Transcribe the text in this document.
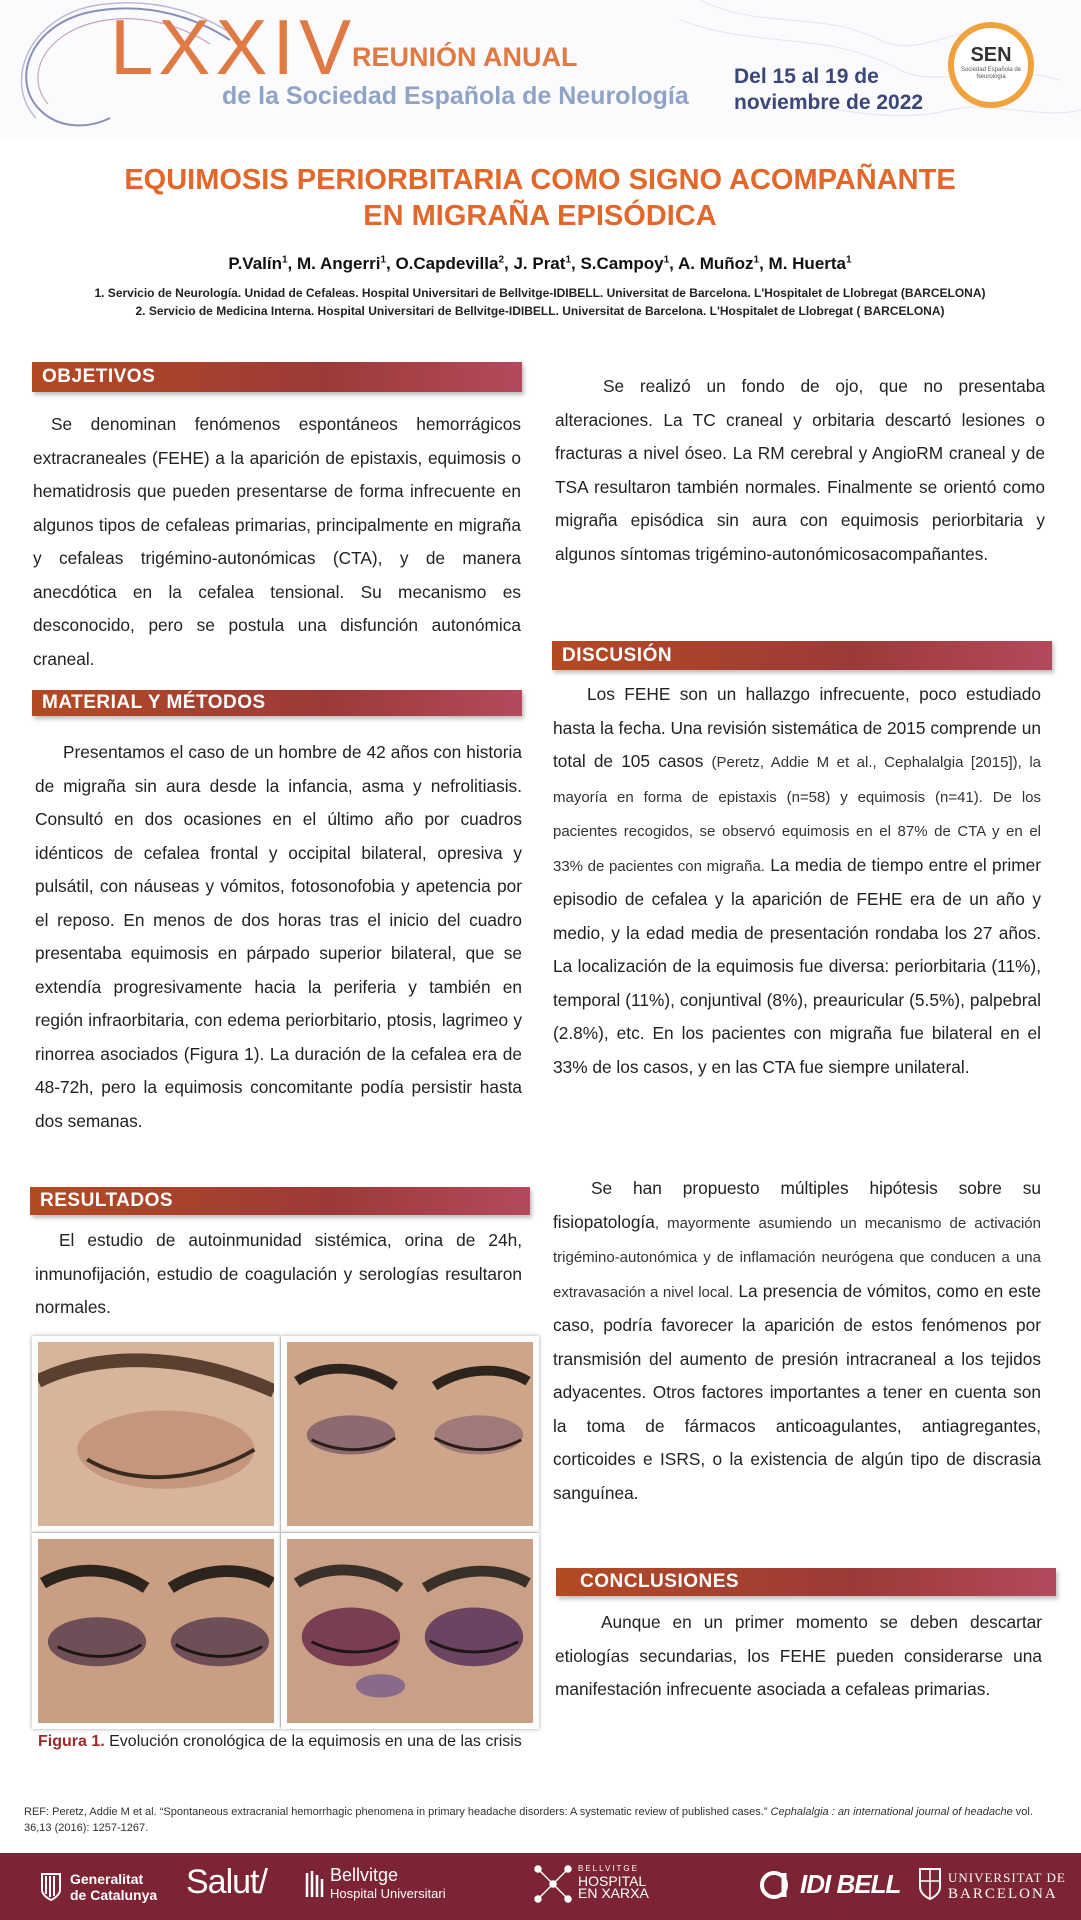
LXXIV
REUNIÓN ANUAL
de la Sociedad Española de Neurología
Del 15 al 19 de
noviembre de 2022
SEN
Sociedad Española de Neurología
EQUIMOSIS PERIORBITARIA COMO SIGNO ACOMPAÑANTE
EN MIGRAÑA EPISÓDICA
P.Valín$^1$, M. Angerri$^1$, O.Capdevilla$^2$, J. Prat$^1$, S.Campoy$^1$, A. Muñoz$^1$, M. Huerta$^1$
1. Servicio de Neurología. Unidad de Cefaleas. Hospital Universitari de Bellvitge-IDIBELL. Universitat de Barcelona. L'Hospitalet de Llobregat (BARCELONA)
2. Servicio de Medicina Interna. Hospital Universitari de Bellvitge-IDIBELL. Universitat de Barcelona. L'Hospitalet de Llobregat ( BARCELONA)
OBJETIVOS
Se denominan fenómenos espontáneos hemorrágicos extracraneales (FEHE) a la aparición de epistaxis, equimosis o hematidrosis que pueden presentarse de forma infrecuente en algunos tipos de cefaleas primarias, principalmente en migraña y cefaleas trigémino-autonómicas (CTA), y de manera anecdótica en la cefalea tensional. Su mecanismo es desconocido, pero se postula una disfunción autonómica craneal.
MATERIAL Y MÉTODOS
Presentamos el caso de un hombre de 42 años con historia de migraña sin aura desde la infancia, asma y nefrolitiasis. Consultó en dos ocasiones en el último año por cuadros idénticos de cefalea frontal y occipital bilateral, opresiva y pulsátil, con náuseas y vómitos, fotosonofobia y apetencia por el reposo. En menos de dos horas tras el inicio del cuadro presentaba equimosis en párpado superior bilateral, que se extendía progresivamente hacia la periferia y también en región infraorbitaria, con edema periorbitario, ptosis, lagrimeo y rinorrea asociados (Figura 1). La duración de la cefalea era de 48-72h, pero la equimosis concomitante podía persistir hasta dos semanas.
RESULTADOS
El estudio de autoinmunidad sistémica, orina de 24h, inmunofijación, estudio de coagulación y serologías resultaron normales.
Figura 1. Evolución cronológica de la equimosis en una de las crisis
Se realizó un fondo de ojo, que no presentaba alteraciones. La TC craneal y orbitaria descartó lesiones o fracturas a nivel óseo. La RM cerebral y AngioRM craneal y de TSA resultaron también normales. Finalmente se orientó como migraña episódica sin aura con equimosis periorbitaria y algunos síntomas trigémino-autonómicosacompañantes.
DISCUSIÓN
Los FEHE son un hallazgo infrecuente, poco estudiado hasta la fecha. Una revisión sistemática de 2015 comprende un total de 105 casos (Peretz, Addie M et al., Cephalalgia [2015]), la mayoría en forma de epistaxis (n=58) y equimosis (n=41). De los pacientes recogidos, se observó equimosis en el 87% de CTA y en el 33% de pacientes con migraña. La media de tiempo entre el primer episodio de cefalea y la aparición de FEHE era de un año y medio, y la edad media de presentación rondaba los 27 años. La localización de la equimosis fue diversa: periorbitaria (11%), temporal (11%), conjuntival (8%), preauricular (5.5%), palpebral (2.8%), etc. En los pacientes con migraña fue bilateral en el 33% de los casos, y en las CTA fue siempre unilateral.
Se han propuesto múltiples hipótesis sobre su fisiopatología, mayormente asumiendo un mecanismo de activación trigémino-autonómica y de inflamación neurógena que conducen a una extravasación a nivel local. La presencia de vómitos, como en este caso, podría favorecer la aparición de estos fenómenos por transmisión del aumento de presión intracraneal a los tejidos adyacentes. Otros factores importantes a tener en cuenta son la toma de fármacos anticoagulantes, antiagregantes, corticoides e ISRS, o la existencia de algún tipo de discrasia sanguínea.
CONCLUSIONES
Aunque en un primer momento se deben descartar etiologías secundarias, los FEHE pueden considerarse una manifestación infrecuente asociada a cefaleas primarias.
REF: Peretz, Addie M et al. “Spontaneous extracranial hemorrhagic phenomena in primary headache disorders: A systematic review of published cases.” Cephalalgia : an international journal of headache vol. 36,13 (2016): 1257-1267.
Generalitat
de Catalunya Salut/	Bellvitge
Hospital Universitari
BELLVITGE
HOSPITAL
EN XARXA	IDI BELL	UNIVERSITAT DE
BARCELONA
